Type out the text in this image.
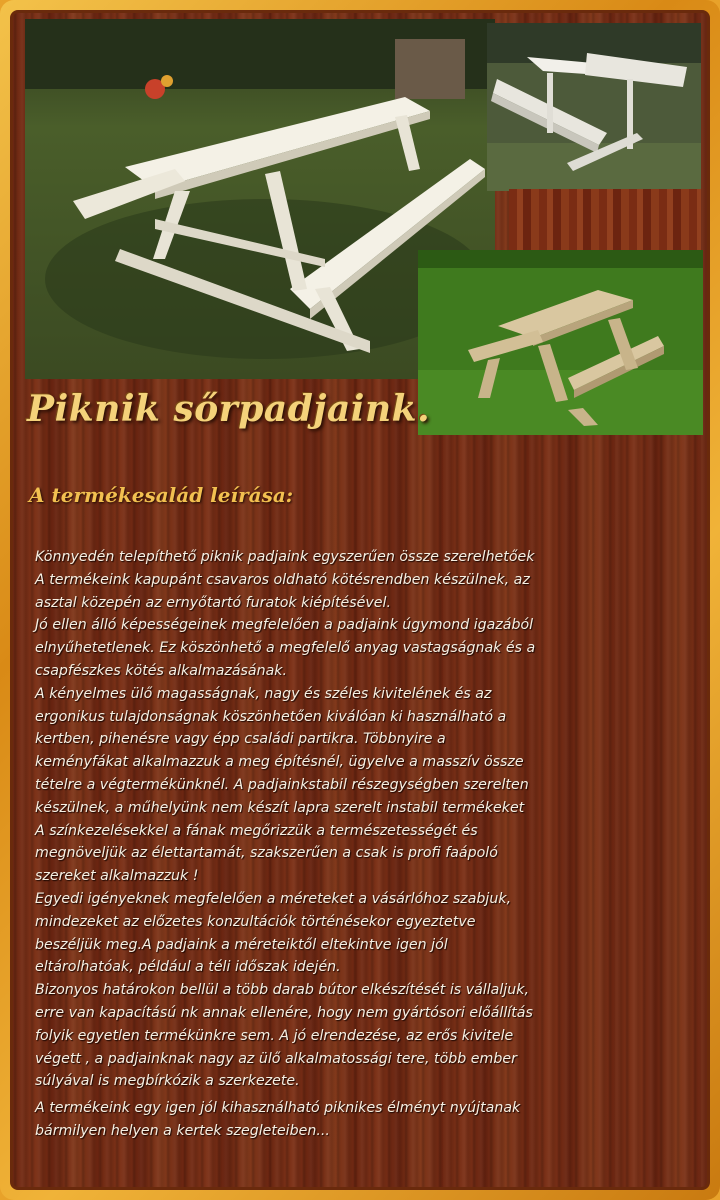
Piknik sőrpadjaink.
A termékesalád leírása:

Könnyedén telepíthető piknik padjaink egyszerűen össze szerelhetőek

A termékeink kapupánt csavaros oldható kötésrendben készülnek, az

asztal közepén az ernyőtartó furatok kiépítésével.

Jó ellen álló képességeinek megfelelően a padjaink úgymond igazából

elnyűhetetlenek. Ez köszönhető a megfelelő anyag vastagságnak és a

csapfészkes kötés alkalmazásának.

A kényelmes ülő magasságnak, nagy és széles kivitelének és az

ergonikus tulajdonságnak köszönhetően kiválóan ki használható a

kertben, pihenésre vagy épp családi partikra. Többnyire a

keményfákat alkalmazzuk a meg építésnél, ügyelve a masszív össze

tételre a végtermékünknél. A padjainkstabil részegységben szerelten

készülnek, a műhelyünk nem készít lapra szerelt instabil termékeket

A színkezelésekkel a fának megőrizzük a természetességét és

megnöveljük az élettartamát, szakszerűen a csak is profi faápoló

szereket alkalmazzuk !

Egyedi igényeknek megfelelően a méreteket a vásárlóhoz szabjuk,

mindezeket az előzetes konzultációk történésekor egyeztetve

beszéljük meg.A padjaink a méreteiktől eltekintve igen jól

eltárolhatóak, például a téli időszak idején.

Bizonyos határokon bellül a több darab bútor elkészítését is vállaljuk,

erre van kapacítású nk annak ellenére, hogy nem gyártósori előállítás

folyik egyetlen termékünkre sem. A jó elrendezése, az erős kivitele

végett , a padjainknak nagy az ülő alkalmatossági tere, több ember

súlyával is megbírkózik a szerkezete.

A termékeink egy igen jól kihasználható piknikes élményt nyújtanak

bármilyen helyen a kertek szegleteiben...
